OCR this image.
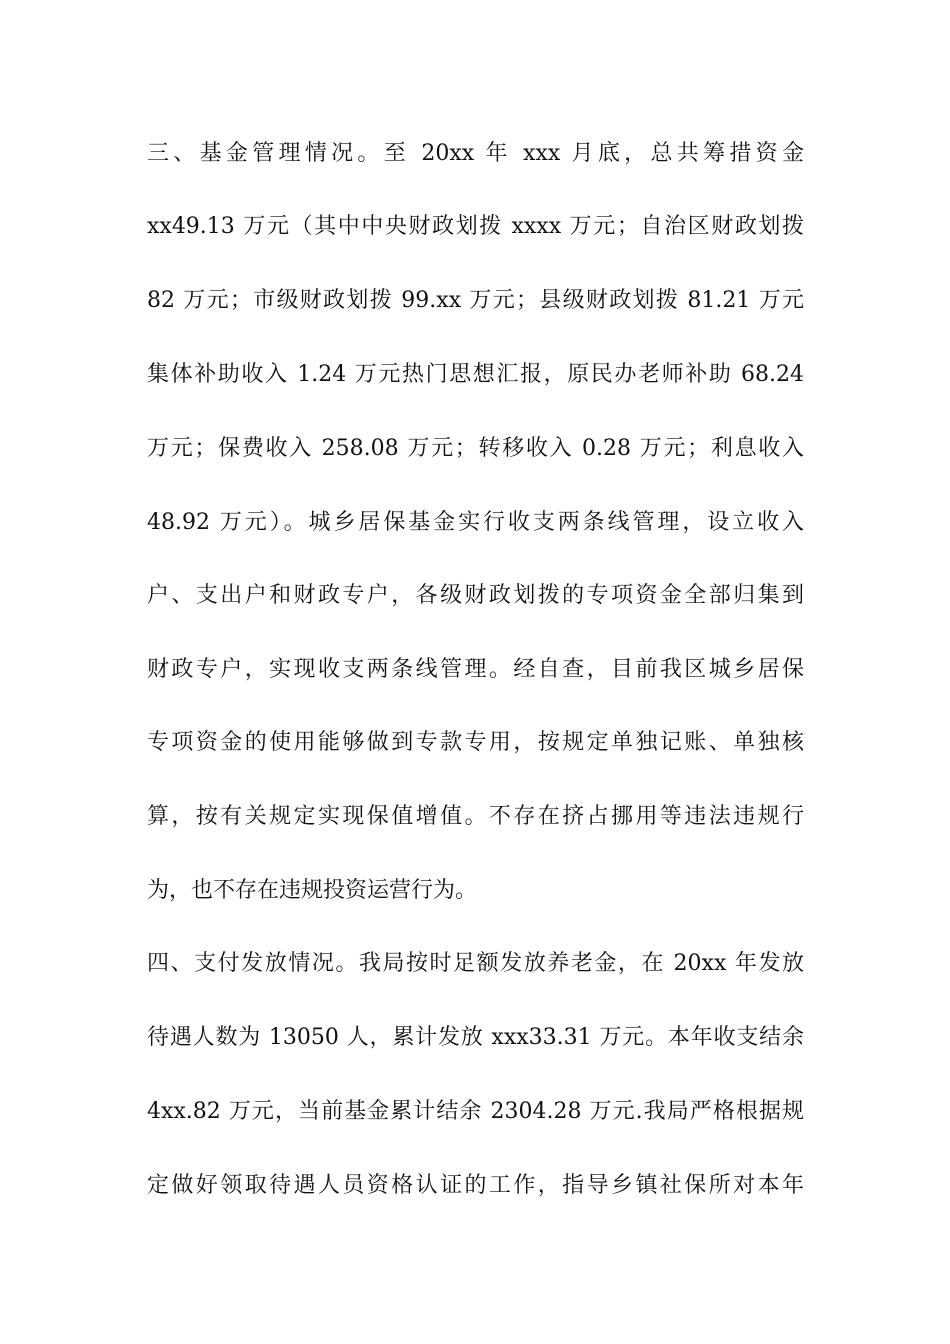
三、基金管理情况。至 20xx 年 xxx 月底，总共筹措资金
xx49.13 万元（其中中央财政划拨 xxxx 万元；自治区财政划拨
82 万元；市级财政划拨 99.xx 万元；县级财政划拨 81.21 万元
集体补助收入 1.24 万元热门思想汇报，原民办老师补助 68.24
万元；保费收入 258.08 万元；转移收入 0.28 万元；利息收入
48.92 万元）。城乡居保基金实行收支两条线管理，设立收入
户、支出户和财政专户，各级财政划拨的专项资金全部归集到
财政专户，实现收支两条线管理。经自查，目前我区城乡居保
专项资金的使用能够做到专款专用，按规定单独记账、单独核
算，按有关规定实现保值增值。不存在挤占挪用等违法违规行
为，也不存在违规投资运营行为。
四、支付发放情况。我局按时足额发放养老金，在 20xx 年发放
待遇人数为 13050 人，累计发放 xxx33.31 万元。本年收支结余
4xx.82 万元，当前基金累计结余 2304.28 万元.我局严格根据规
定做好领取待遇人员资格认证的工作，指导乡镇社保所对本年
